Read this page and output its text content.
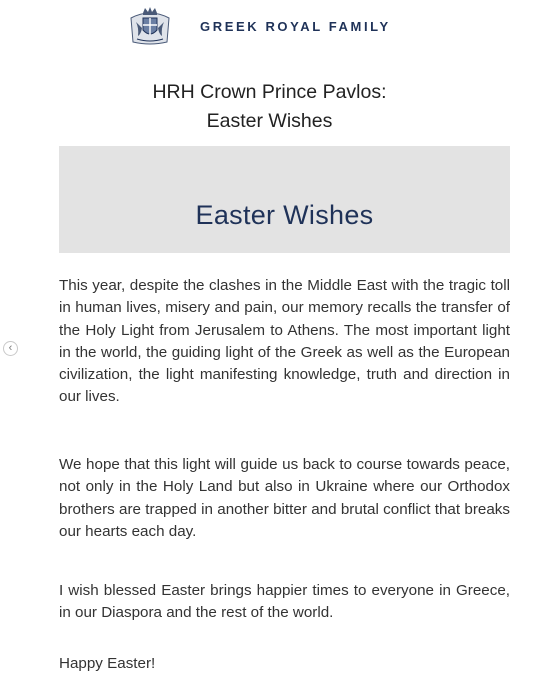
GREEK ROYAL FAMILY
HRH Crown Prince Pavlos:
Easter Wishes
Easter Wishes

This year, despite the clashes in the Middle East with the tragic toll in human lives, misery and pain, our memory recalls the transfer of the Holy Light from Jerusalem to Athens. The most important light in the world, the guiding light of the Greek as well as the European civilization, the light manifesting knowledge, truth and direction in our lives.

We hope that this light will guide us back to course towards peace, not only in the Holy Land but also in Ukraine where our Orthodox brothers are trapped in another bitter and brutal conflict that breaks our hearts each day.

I wish blessed Easter brings happier times to everyone in Greece, in our Diaspora and the rest of the world.

Happy Easter!

‹
